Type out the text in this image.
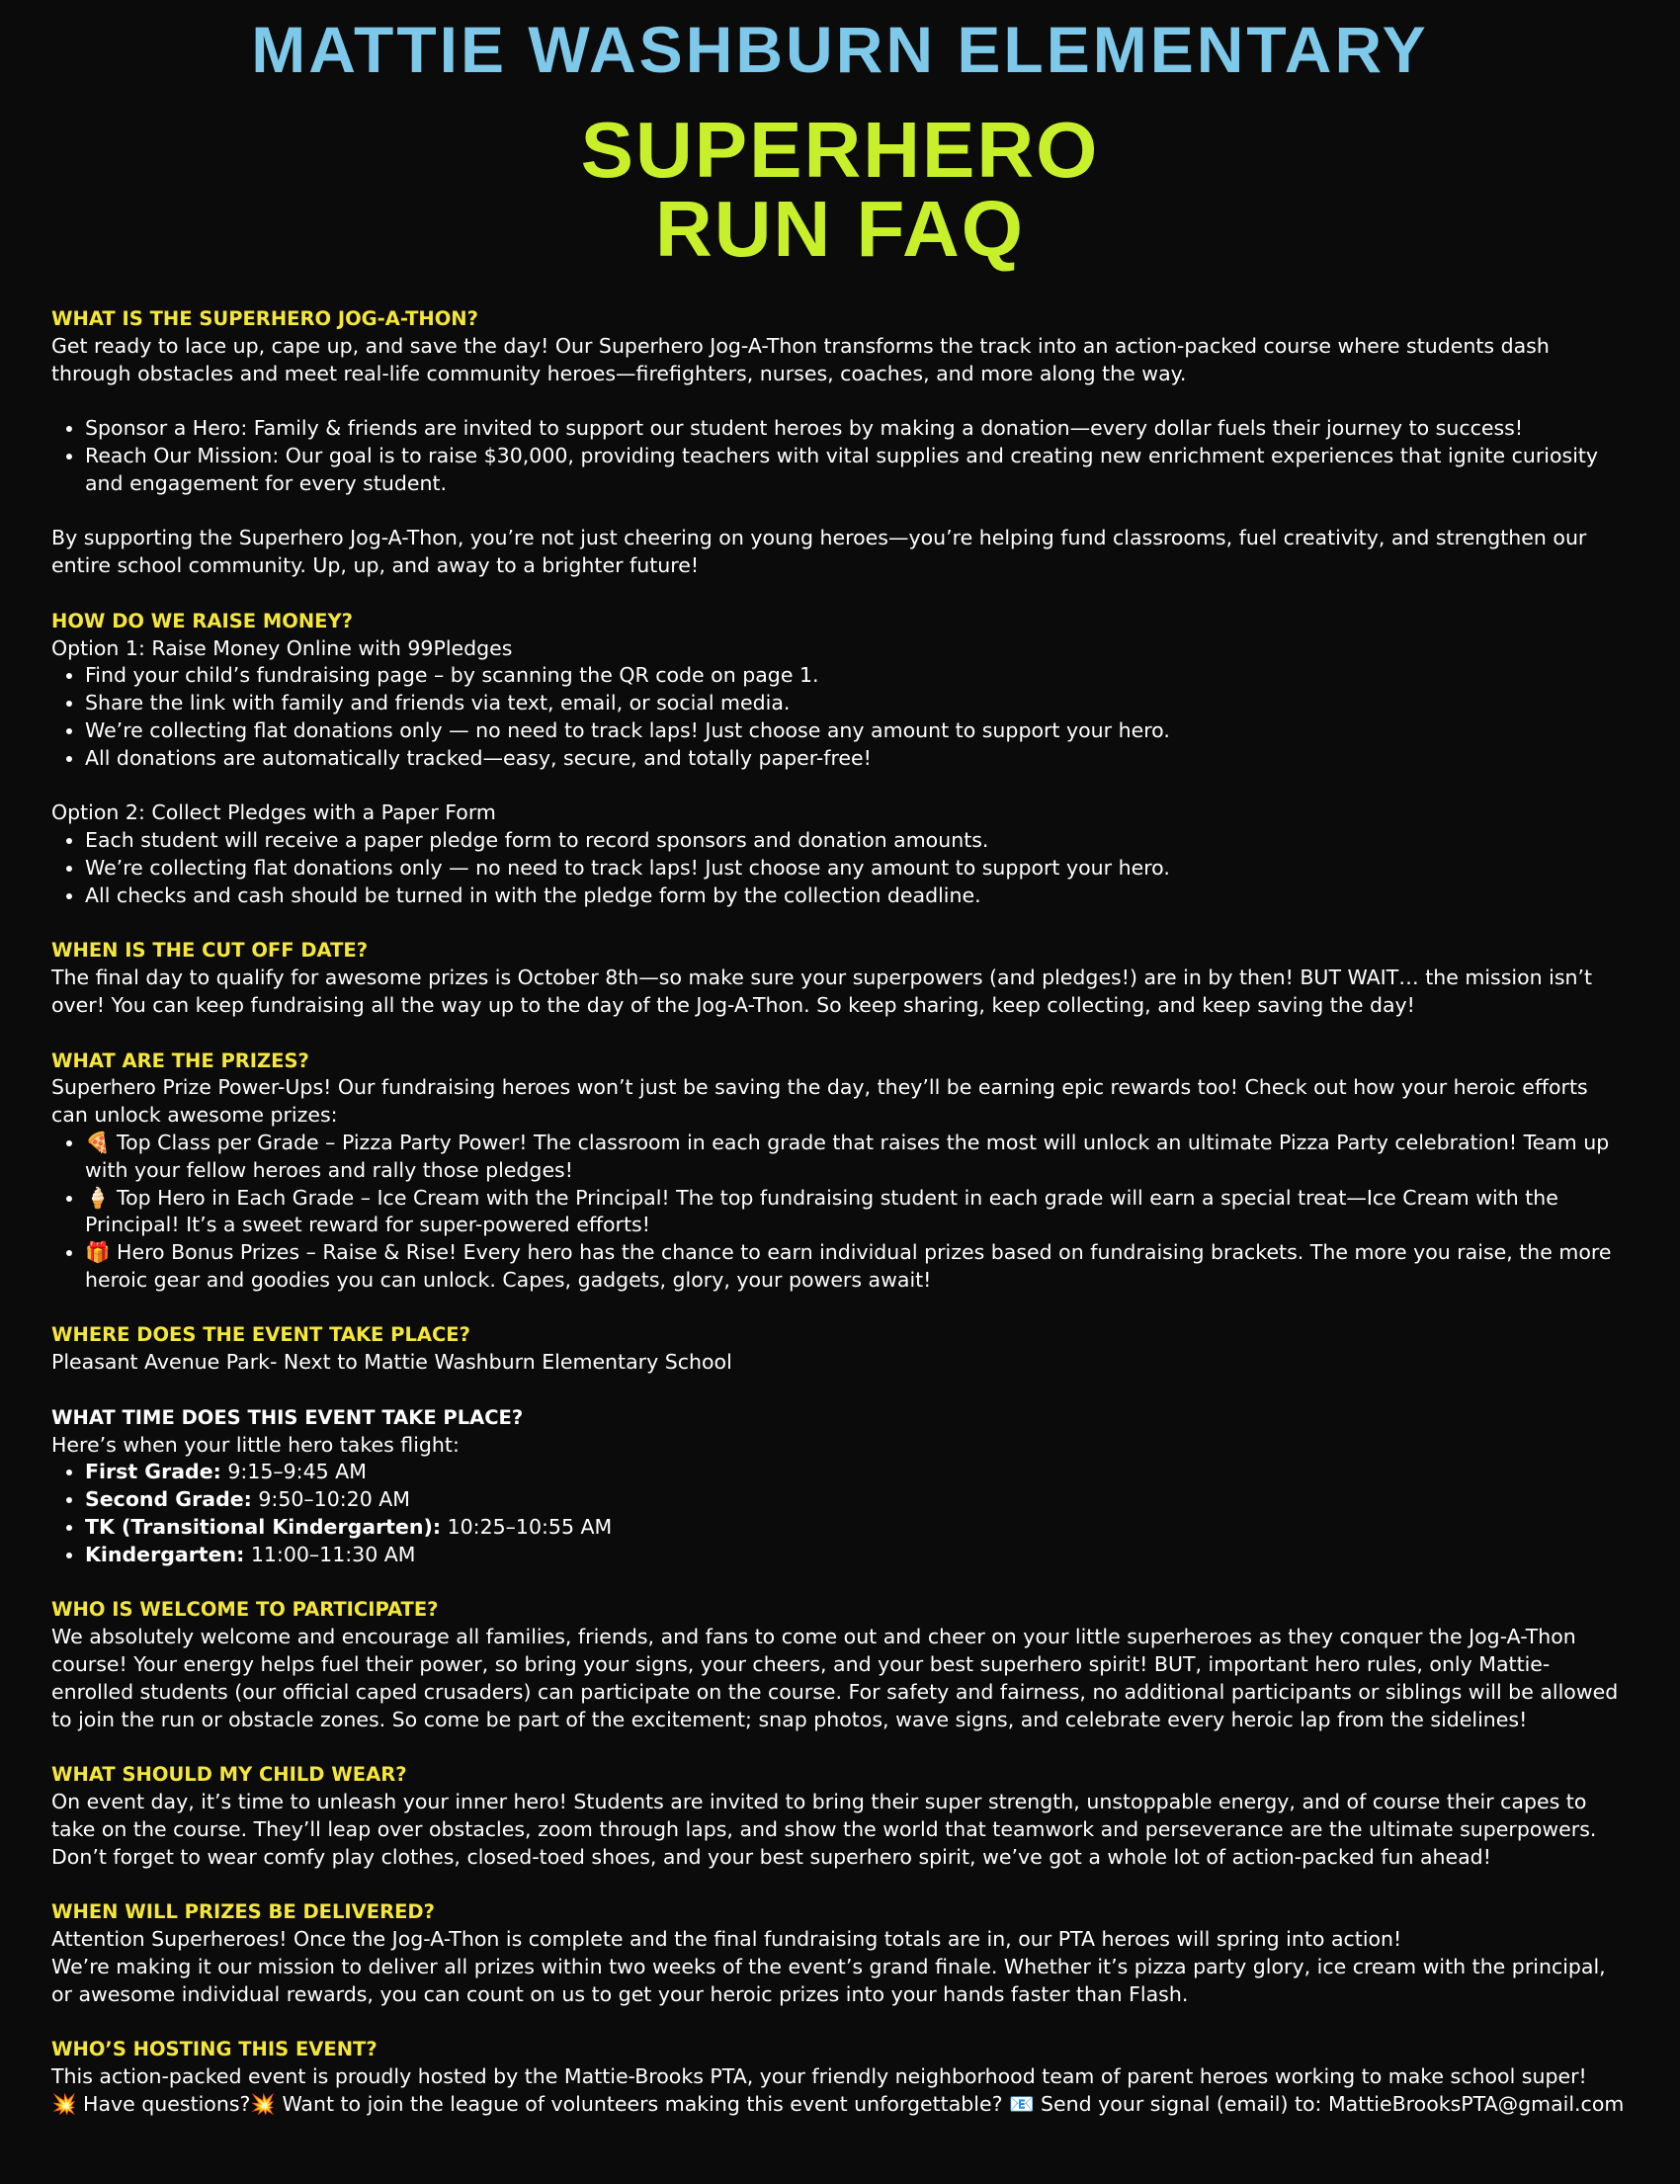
MATTIE WASHBURN ELEMENTARY
SUPERHERO
RUN FAQ
WHAT IS THE SUPERHERO JOG-A-THON?

Get ready to lace up, cape up, and save the day! Our Superhero Jog-A-Thon transforms the track into an action-packed course where students dash through obstacles and meet real-life community heroes—firefighters, nurses, coaches, and more along the way.

• Sponsor a Hero: Family & friends are invited to support our student heroes by making a donation—every dollar fuels their journey to success!
• Reach Our Mission: Our goal is to raise $30,000, providing teachers with vital supplies and creating new enrichment experiences that ignite curiosity and engagement for every student.

By supporting the Superhero Jog-A-Thon, you’re not just cheering on young heroes—you’re helping fund classrooms, fuel creativity, and strengthen our entire school community. Up, up, and away to a brighter future!

HOW DO WE RAISE MONEY?

Option 1: Raise Money Online with 99Pledges

• Find your child’s fundraising page – by scanning the QR code on page 1.
• Share the link with family and friends via text, email, or social media.
• We’re collecting flat donations only — no need to track laps! Just choose any amount to support your hero.
• All donations are automatically tracked—easy, secure, and totally paper-free!

Option 2: Collect Pledges with a Paper Form

• Each student will receive a paper pledge form to record sponsors and donation amounts.
• We’re collecting flat donations only — no need to track laps! Just choose any amount to support your hero.
• All checks and cash should be turned in with the pledge form by the collection deadline.
WHEN IS THE CUT OFF DATE?

The final day to qualify for awesome prizes is October 8th—so make sure your superpowers (and pledges!) are in by then! BUT WAIT… the mission isn’t over! You can keep fundraising all the way up to the day of the Jog-A-Thon. So keep sharing, keep collecting, and keep saving the day!

WHAT ARE THE PRIZES?

Superhero Prize Power-Ups! Our fundraising heroes won’t just be saving the day, they’ll be earning epic rewards too! Check out how your heroic efforts can unlock awesome prizes:

• 🍕 Top Class per Grade – Pizza Party Power! The classroom in each grade that raises the most will unlock an ultimate Pizza Party celebration! Team up with your fellow heroes and rally those pledges!
• 🍦 Top Hero in Each Grade – Ice Cream with the Principal! The top fundraising student in each grade will earn a special treat—Ice Cream with the Principal! It’s a sweet reward for super-powered efforts!
• 🎁 Hero Bonus Prizes – Raise & Rise! Every hero has the chance to earn individual prizes based on fundraising brackets. The more you raise, the more heroic gear and goodies you can unlock. Capes, gadgets, glory, your powers await!
WHERE DOES THE EVENT TAKE PLACE?

Pleasant Avenue Park- Next to Mattie Washburn Elementary School

WHAT TIME DOES THIS EVENT TAKE PLACE?

Here’s when your little hero takes flight:

• First Grade: 9:15–9:45 AM
• Second Grade: 9:50–10:20 AM
• TK (Transitional Kindergarten): 10:25–10:55 AM
• Kindergarten: 11:00–11:30 AM
WHO IS WELCOME TO PARTICIPATE?

We absolutely welcome and encourage all families, friends, and fans to come out and cheer on your little superheroes as they conquer the Jog-A-Thon course! Your energy helps fuel their power, so bring your signs, your cheers, and your best superhero spirit! BUT, important hero rules, only Mattie-enrolled students (our official caped crusaders) can participate on the course. For safety and fairness, no additional participants or siblings will be allowed to join the run or obstacle zones. So come be part of the excitement; snap photos, wave signs, and celebrate every heroic lap from the sidelines!

WHAT SHOULD MY CHILD WEAR?

On event day, it’s time to unleash your inner hero! Students are invited to bring their super strength, unstoppable energy, and of course their capes to take on the course. They’ll leap over obstacles, zoom through laps, and show the world that teamwork and perseverance are the ultimate superpowers. Don’t forget to wear comfy play clothes, closed-toed shoes, and your best superhero spirit, we’ve got a whole lot of action-packed fun ahead!

WHEN WILL PRIZES BE DELIVERED?

Attention Superheroes! Once the Jog-A-Thon is complete and the final fundraising totals are in, our PTA heroes will spring into action!

We’re making it our mission to deliver all prizes within two weeks of the event’s grand finale. Whether it’s pizza party glory, ice cream with the principal, or awesome individual rewards, you can count on us to get your heroic prizes into your hands faster than Flash.

WHO’S HOSTING THIS EVENT?

This action-packed event is proudly hosted by the Mattie-Brooks PTA, your friendly neighborhood team of parent heroes working to make school super!

💥 Have questions?💥 Want to join the league of volunteers making this event unforgettable? 📧 Send your signal (email) to: MattieBrooksPTA@gmail.com
